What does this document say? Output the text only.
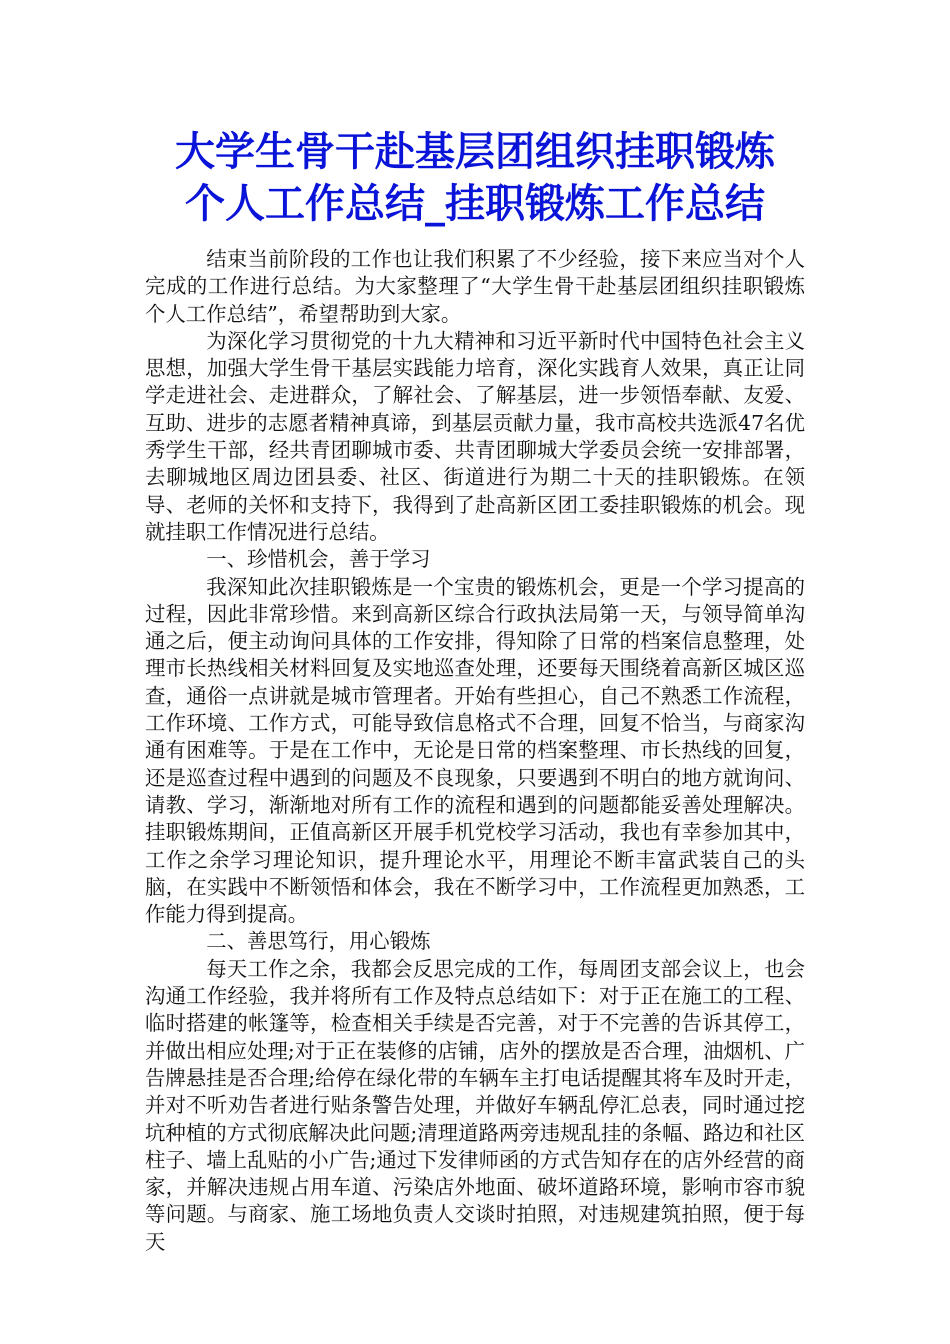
大学生骨干赴基层团组织挂职锻炼
个人工作总结_挂职锻炼工作总结

结束当前阶段的工作也让我们积累了不少经验，接下来应当对个人完成的工作进行总结。为大家整理了“大学生骨干赴基层团组织挂职锻炼个人工作总结”，希望帮助到大家。

为深化学习贯彻党的十九大精神和习近平新时代中国特色社会主义思想，加强大学生骨干基层实践能力培育，深化实践育人效果，真正让同学走进社会、走进群众，了解社会、了解基层，进一步领悟奉献、友爱、互助、进步的志愿者精神真谛，到基层贡献力量，我市高校共选派47名优秀学生干部，经共青团聊城市委、共青团聊城大学委员会统一安排部署，去聊城地区周边团县委、社区、街道进行为期二十天的挂职锻炼。在领导、老师的关怀和支持下，我得到了赴高新区团工委挂职锻炼的机会。现就挂职工作情况进行总结。

一、珍惜机会，善于学习

我深知此次挂职锻炼是一个宝贵的锻炼机会，更是一个学习提高的过程，因此非常珍惜。来到高新区综合行政执法局第一天，与领导简单沟通之后，便主动询问具体的工作安排，得知除了日常的档案信息整理，处理市长热线相关材料回复及实地巡查处理，还要每天围绕着高新区城区巡查，通俗一点讲就是城市管理者。开始有些担心，自己不熟悉工作流程，工作环境、工作方式，可能导致信息格式不合理，回复不恰当，与商家沟通有困难等。于是在工作中，无论是日常的档案整理、市长热线的回复，还是巡查过程中遇到的问题及不良现象，只要遇到不明白的地方就询问、请教、学习，渐渐地对所有工作的流程和遇到的问题都能妥善处理解决。挂职锻炼期间，正值高新区开展手机党校学习活动，我也有幸参加其中，工作之余学习理论知识，提升理论水平，用理论不断丰富武装自己的头脑，在实践中不断领悟和体会，我在不断学习中，工作流程更加熟悉，工作能力得到提高。

二、善思笃行，用心锻炼

每天工作之余，我都会反思完成的工作，每周团支部会议上，也会沟通工作经验，我并将所有工作及特点总结如下：对于正在施工的工程、临时搭建的帐篷等，检查相关手续是否完善，对于不完善的告诉其停工，并做出相应处理;对于正在装修的店铺，店外的摆放是否合理，油烟机、广告牌悬挂是否合理;给停在绿化带的车辆车主打电话提醒其将车及时开走，并对不听劝告者进行贴条警告处理，并做好车辆乱停汇总表，同时通过挖坑种植的方式彻底解决此问题;清理道路两旁违规乱挂的条幅、路边和社区柱子、墙上乱贴的小广告;通过下发律师函的方式告知存在的店外经营的商家，并解决违规占用车道、污染店外地面、破坏道路环境，影响市容市貌等问题。与商家、施工场地负责人交谈时拍照，对违规建筑拍照，便于每天
